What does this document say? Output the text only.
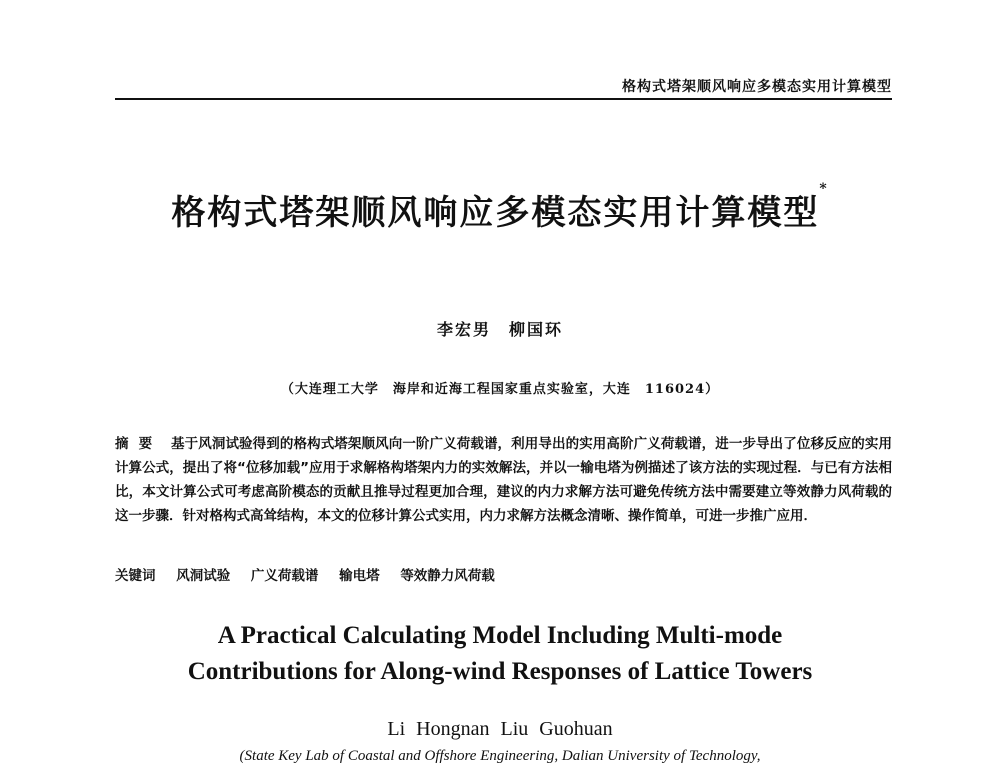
格构式塔架顺风响应多模态实用计算模型
格构式塔架顺风响应多模态实用计算模型*
李宏男　柳国环
（大连理工大学　海岸和近海工程国家重点实验室，大连　116024）
摘要 基于风洞试验得到的格构式塔架顺风向一阶广义荷载谱，利用导出的实用高阶广义荷载谱，进一步导出了位移反应的实用计算公式，提出了将“位移加载”应用于求解格构塔架内力的实效解法，并以一输电塔为例描述了该方法的实现过程．与已有方法相比，本文计算公式可考虑高阶模态的贡献且推导过程更加合理，建议的内力求解方法可避免传统方法中需要建立等效静力风荷载的这一步骤．针对格构式高耸结构，本文的位移计算公式实用，内力求解方法概念清晰、操作简单，可进一步推广应用．
关键词 风洞试验 广义荷载谱 输电塔 等效静力风荷载
A Practical Calculating Model Including Multi-mode
Contributions for Along-wind Responses of Lattice Towers
Li Hongnan Liu Guohuan
(State Key Lab of Coastal and Offshore Engineering, Dalian University of Technology,
